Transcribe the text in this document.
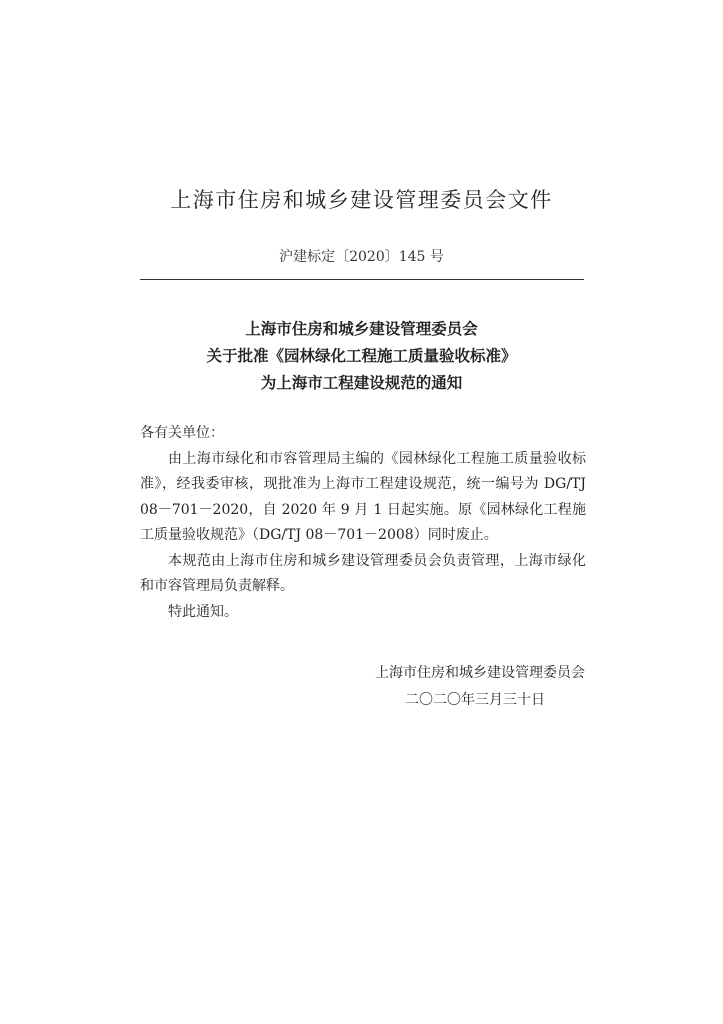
上海市住房和城乡建设管理委员会文件
沪建标定〔2020〕145 号
上海市住房和城乡建设管理委员会
关于批准《园林绿化工程施工质量验收标准》
为上海市工程建设规范的通知
各有关单位：
由上海市绿化和市容管理局主编的《园林绿化工程施工质量验收标准》，经我委审核，现批准为上海市工程建设规范，统一编号为 DG/TJ 08－701－2020，自 2020 年 9 月 1 日起实施。原《园林绿化工程施工质量验收规范》（DG/TJ 08－701－2008）同时废止。
本规范由上海市住房和城乡建设管理委员会负责管理，上海市绿化和市容管理局负责解释。
特此通知。
上海市住房和城乡建设管理委员会
二〇二〇年三月三十日
